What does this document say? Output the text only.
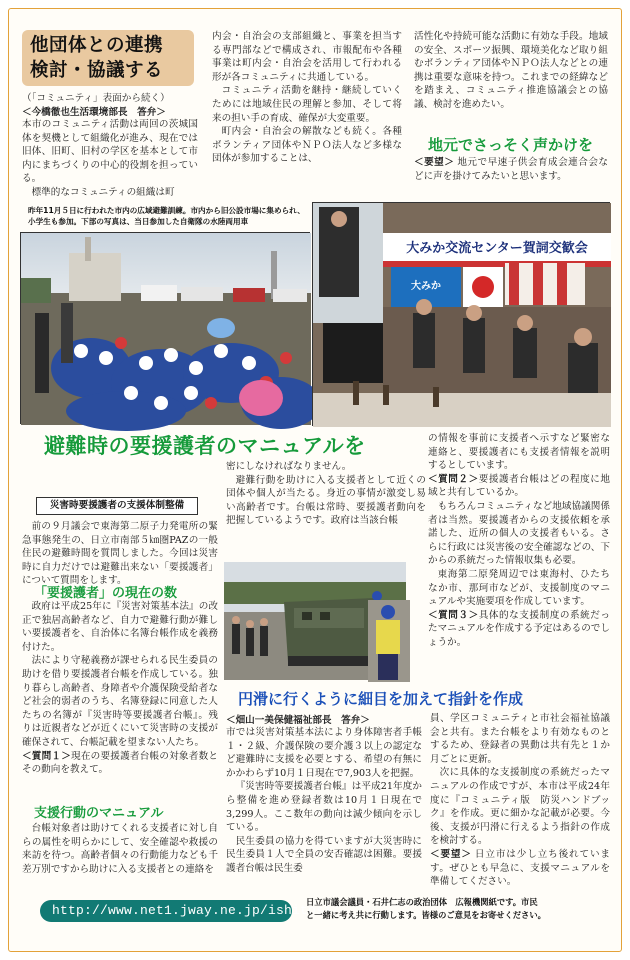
他団体との連携
検討・協議する
（「コミュニティ」表面から続く）
＜今橋徹也生活環境部長　答弁＞

本市のコミュニティ活動は両回の茨城国体を契機として組織化が進み、現在では旧体、旧町、旧村の学区を基本として市内にまちづくりの中心的役割を担っている。

標準的なコミュニティの組織は町

内会・自治会の支部組織と、事業を担当する専門部などで構成され、市報配布や各種事業は町内会・自治会を活用して行われる形が各コミュニティに共通している。

コミュニティ活動を継持・継続していくためには地域住民の理解と参加、そして将来の担い手の育成、確保が大変重要。

町内会・自治会の解散なども続く。各種ボランティア団体やＮＰＯ法人など多様な団体が参加することは、

活性化や持続可能な活動に有効な手段。地域の安全、スポーツ振興、環境美化など取り組むボランティア団体やＮＰＯ法人などとの連携は重要な意味を持つ。これまでの経緯などを踏まえ、コミュニティ推進協議会との協議、検討を進めたい。

地元でさっそく声かけを

＜要望＞ 地元で早速子供会育成会連合会などに声を掛けてみたいと思います。

昨年11月５日に行われた市内の広域避難訓練。市内から旧公設市場に集められ、小学生も参加。下部の写真は、当日参加した自衛隊の水陸両用車
大みか交流センター賀詞交歓会
大みか
避難時の要援護者のマニュアルを
災害時要援護者の支援体制整備

前の９月議会で東海第二原子力発電所の緊急事態発生の、日立市南部５㎞圏PAZの一般住民の避難時間を質問しました。今回は災害時に自力だけでは避難出来ない「要援護者」について質問をします。

「要援護者」の現在の数

政府は平成25年に『災害対策基本法』の改正で独居高齢者など、自力で避難行動が難しい要援護者を、自治体に名簿台帳作成を義務付けた。

法により守秘義務が課せられる民生委員の助けを借り要援護者台帳を作成している。独り暮らし高齢者、身障者や介護保険受給者など社会的弱者のうち、名簿登録に同意した人たちの名簿が『災害時等要援護者台帳』。残りは近親者などが近くにいて災害時の支援が確保されて、台帳記載を望まない人たち。

＜質問１＞現在の要援護者台帳の対象者数とその動向を教えて。

支援行動のマニュアル

台帳対象者は助けてくれる支援者に対し自らの属性を明らかにして、安全確認や救援の来訪を待つ。高齢者個々の行動能力なども千差万別ですから助けに入る支援者との連絡を

密にしなければなりません。

避難行動を助けに入る支援者として近くの団体や個人が当たる。身近の事情が激変し易い高齢者です。台帳は常時、要援護者動向を把握しているようです。政府は当該台帳

の情報を事前に支援者へ示すなど緊密な連絡と、要援護者にも支援者情報を説明するとしています。

＜質問２＞要援護者台帳はどの程度に地域と共有しているか。

もちろんコミュニティなど地域協議関係者は当然。要援護者からの支援依頼を承諾した、近所の個人の支援者もいる。さらに行政には災害後の安全確認などの、下からの系統だった情報収集も必要。

東海第二原発周辺では東海村、ひたちなか市、那珂市などが、支援制度のマニュアルや実施要項を作成しています。

＜質問３＞具体的な支援制度の系統だったマニュアルを作成する予定はあるのでしょうか。

円滑に行くように細目を加えて指針を作成
＜畑山一美保健福祉部長　答弁＞

市では災害対策基本法により身体障害者手帳１・２級、介護保険の要介護３以上の認定など避難時に支援を必要とする、希望の有無にかかわらず10月１日現在で7,903人を把握。

『災害時等要援護者台帳』は平成21年度から整備を進め登録者数は10月１日現在で3,299人。ここ数年の動向は減少傾向を示している。

民生委員の協力を得ていますが大災害時に民生委員１人で全員の安否確認は困難。要援護者台帳は民生委

員、学区コミュニティと市社会福祉協議会と共有。また台帳をより有効なものとするため、登録者の異動は共有先と１か月ごとに更新。

次に具体的な支援制度の系統だったマニュアルの作成ですが、本市は平成24年度に『コミュニティ版　防災ハンドブック』を作成。更に細かな記載が必要。今後、支援が円滑に行えるよう指針の作成を検討する。

＜要望＞ 日立市は少し立ち後れています。ぜひとも早急に、支援マニュアルを準備してください。

http://www.net1.jway.ne.jp/ishitosi/
日立市議会議員・石井仁志の政治団体　広報機関紙です。市民
と一緒に考え共に行動します。皆様のご意見をお寄せください。
